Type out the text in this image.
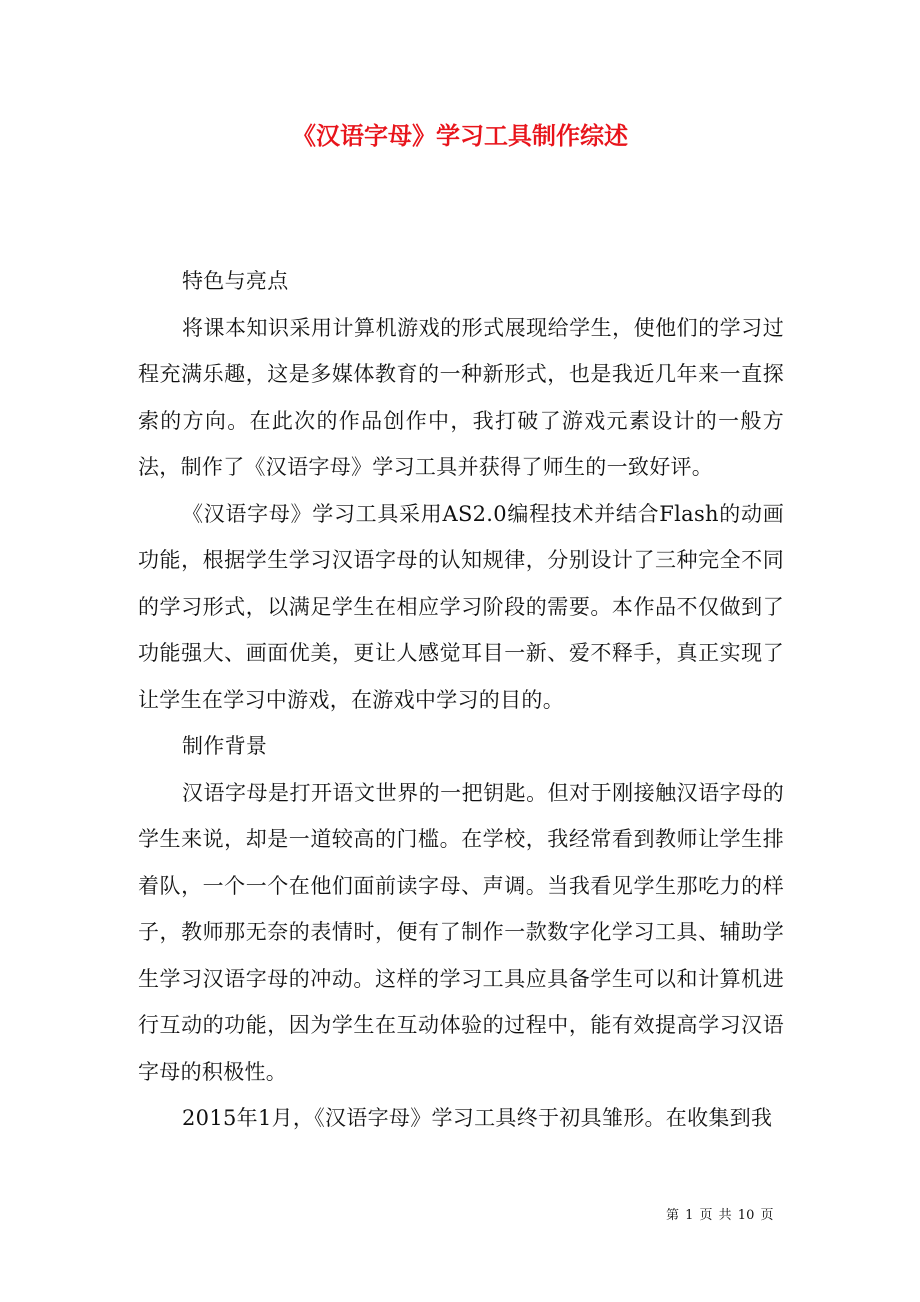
《汉语字母》学习工具制作综述

特色与亮点

将课本知识采用计算机游戏的形式展现给学生，使他们的学习过程充满乐趣，这是多媒体教育的一种新形式，也是我近几年来一直探索的方向。在此次的作品创作中，我打破了游戏元素设计的一般方法，制作了《汉语字母》学习工具并获得了师生的一致好评。

《汉语字母》学习工具采用AS2.0编程技术并结合Flash的动画功能，根据学生学习汉语字母的认知规律，分别设计了三种完全不同的学习形式，以满足学生在相应学习阶段的需要。本作品不仅做到了功能强大、画面优美，更让人感觉耳目一新、爱不释手，真正实现了让学生在学习中游戏，在游戏中学习的目的。

制作背景

汉语字母是打开语文世界的一把钥匙。但对于刚接触汉语字母的学生来说，却是一道较高的门槛。在学校，我经常看到教师让学生排着队，一个一个在他们面前读字母、声调。当我看见学生那吃力的样子，教师那无奈的表情时，便有了制作一款数字化学习工具、辅助学生学习汉语字母的冲动。这样的学习工具应具备学生可以和计算机进行互动的功能，因为学生在互动体验的过程中，能有效提高学习汉语字母的积极性。

2015年1月，《汉语字母》学习工具终于初具雏形。在收集到我

第 1 页 共 10 页
